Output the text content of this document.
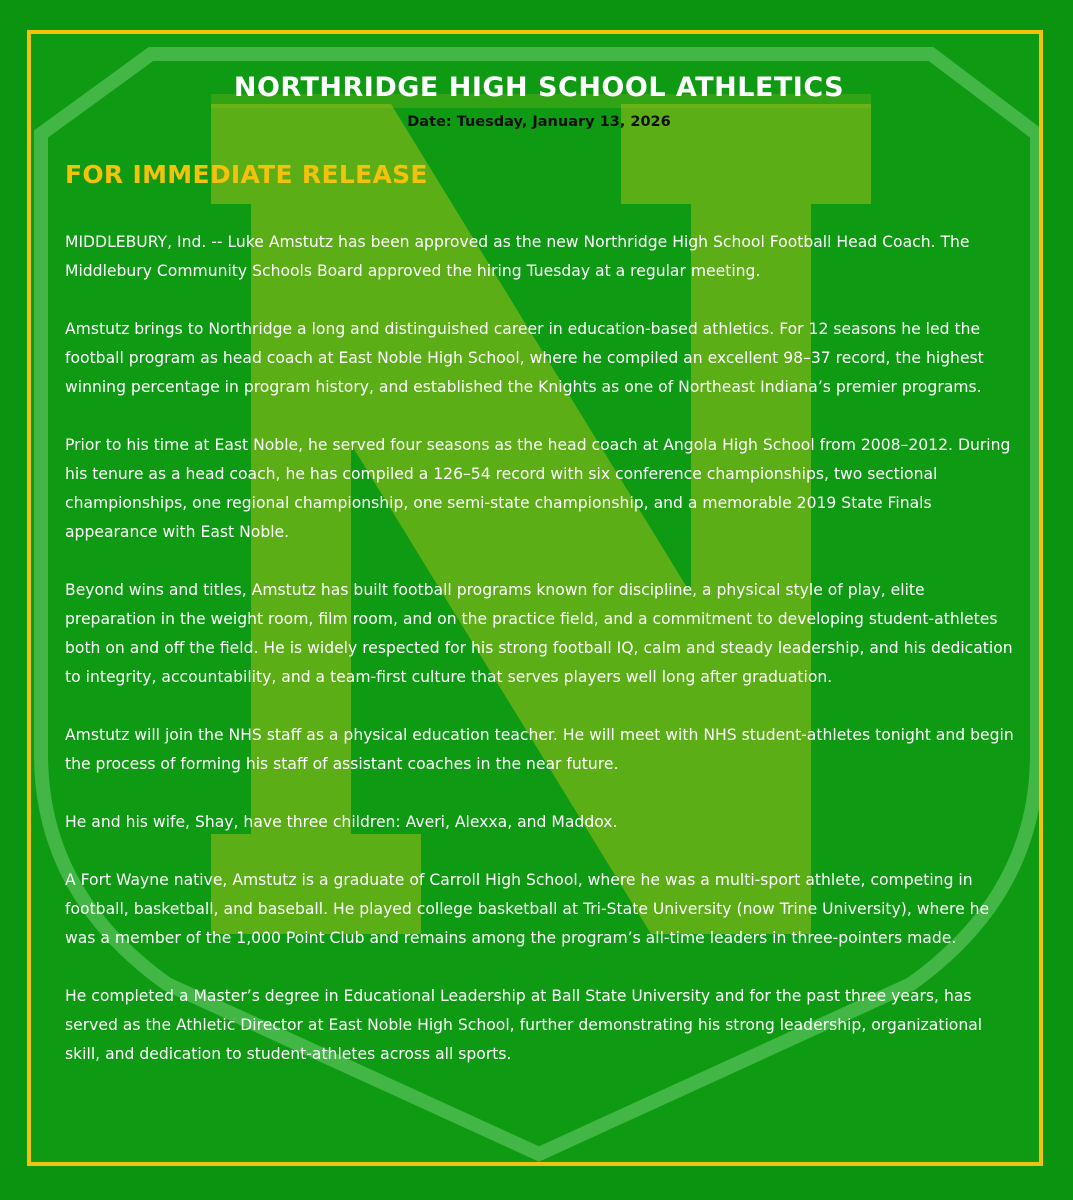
NORTHRIDGE HIGH SCHOOL ATHLETICS
Date: Tuesday, January 13, 2026
FOR IMMEDIATE RELEASE

MIDDLEBURY, Ind. -- Luke Amstutz has been approved as the new Northridge High School Football Head Coach. The Middlebury Community Schools Board approved the hiring Tuesday at a regular meeting.

Amstutz brings to Northridge a long and distinguished career in education-based athletics. For 12 seasons he led the football program as head coach at East Noble High School, where he compiled an excellent 98–37 record, the highest winning percentage in program history, and established the Knights as one of Northeast Indiana’s premier programs.

Prior to his time at East Noble, he served four seasons as the head coach at Angola High School from 2008–2012. During his tenure as a head coach, he has compiled a 126–54 record with six conference championships, two sectional championships, one regional championship, one semi-state championship, and a memorable 2019 State Finals appearance with East Noble.

Beyond wins and titles, Amstutz has built football programs known for discipline, a physical style of play, elite preparation in the weight room, film room, and on the practice field, and a commitment to developing student-athletes both on and off the field. He is widely respected for his strong football IQ, calm and steady leadership, and his dedication to integrity, accountability, and a team-first culture that serves players well long after graduation.

Amstutz will join the NHS staff as a physical education teacher. He will meet with NHS student-athletes tonight and begin the process of forming his staff of assistant coaches in the near future.

He and his wife, Shay, have three children: Averi, Alexxa, and Maddox.

A Fort Wayne native, Amstutz is a graduate of Carroll High School, where he was a multi-sport athlete, competing in football, basketball, and baseball. He played college basketball at Tri-State University (now Trine University), where he was a member of the 1,000 Point Club and remains among the program’s all-time leaders in three-pointers made.

He completed a Master’s degree in Educational Leadership at Ball State University and for the past three years, has served as the Athletic Director at East Noble High School, further demonstrating his strong leadership, organizational skill, and dedication to student-athletes across all sports.
